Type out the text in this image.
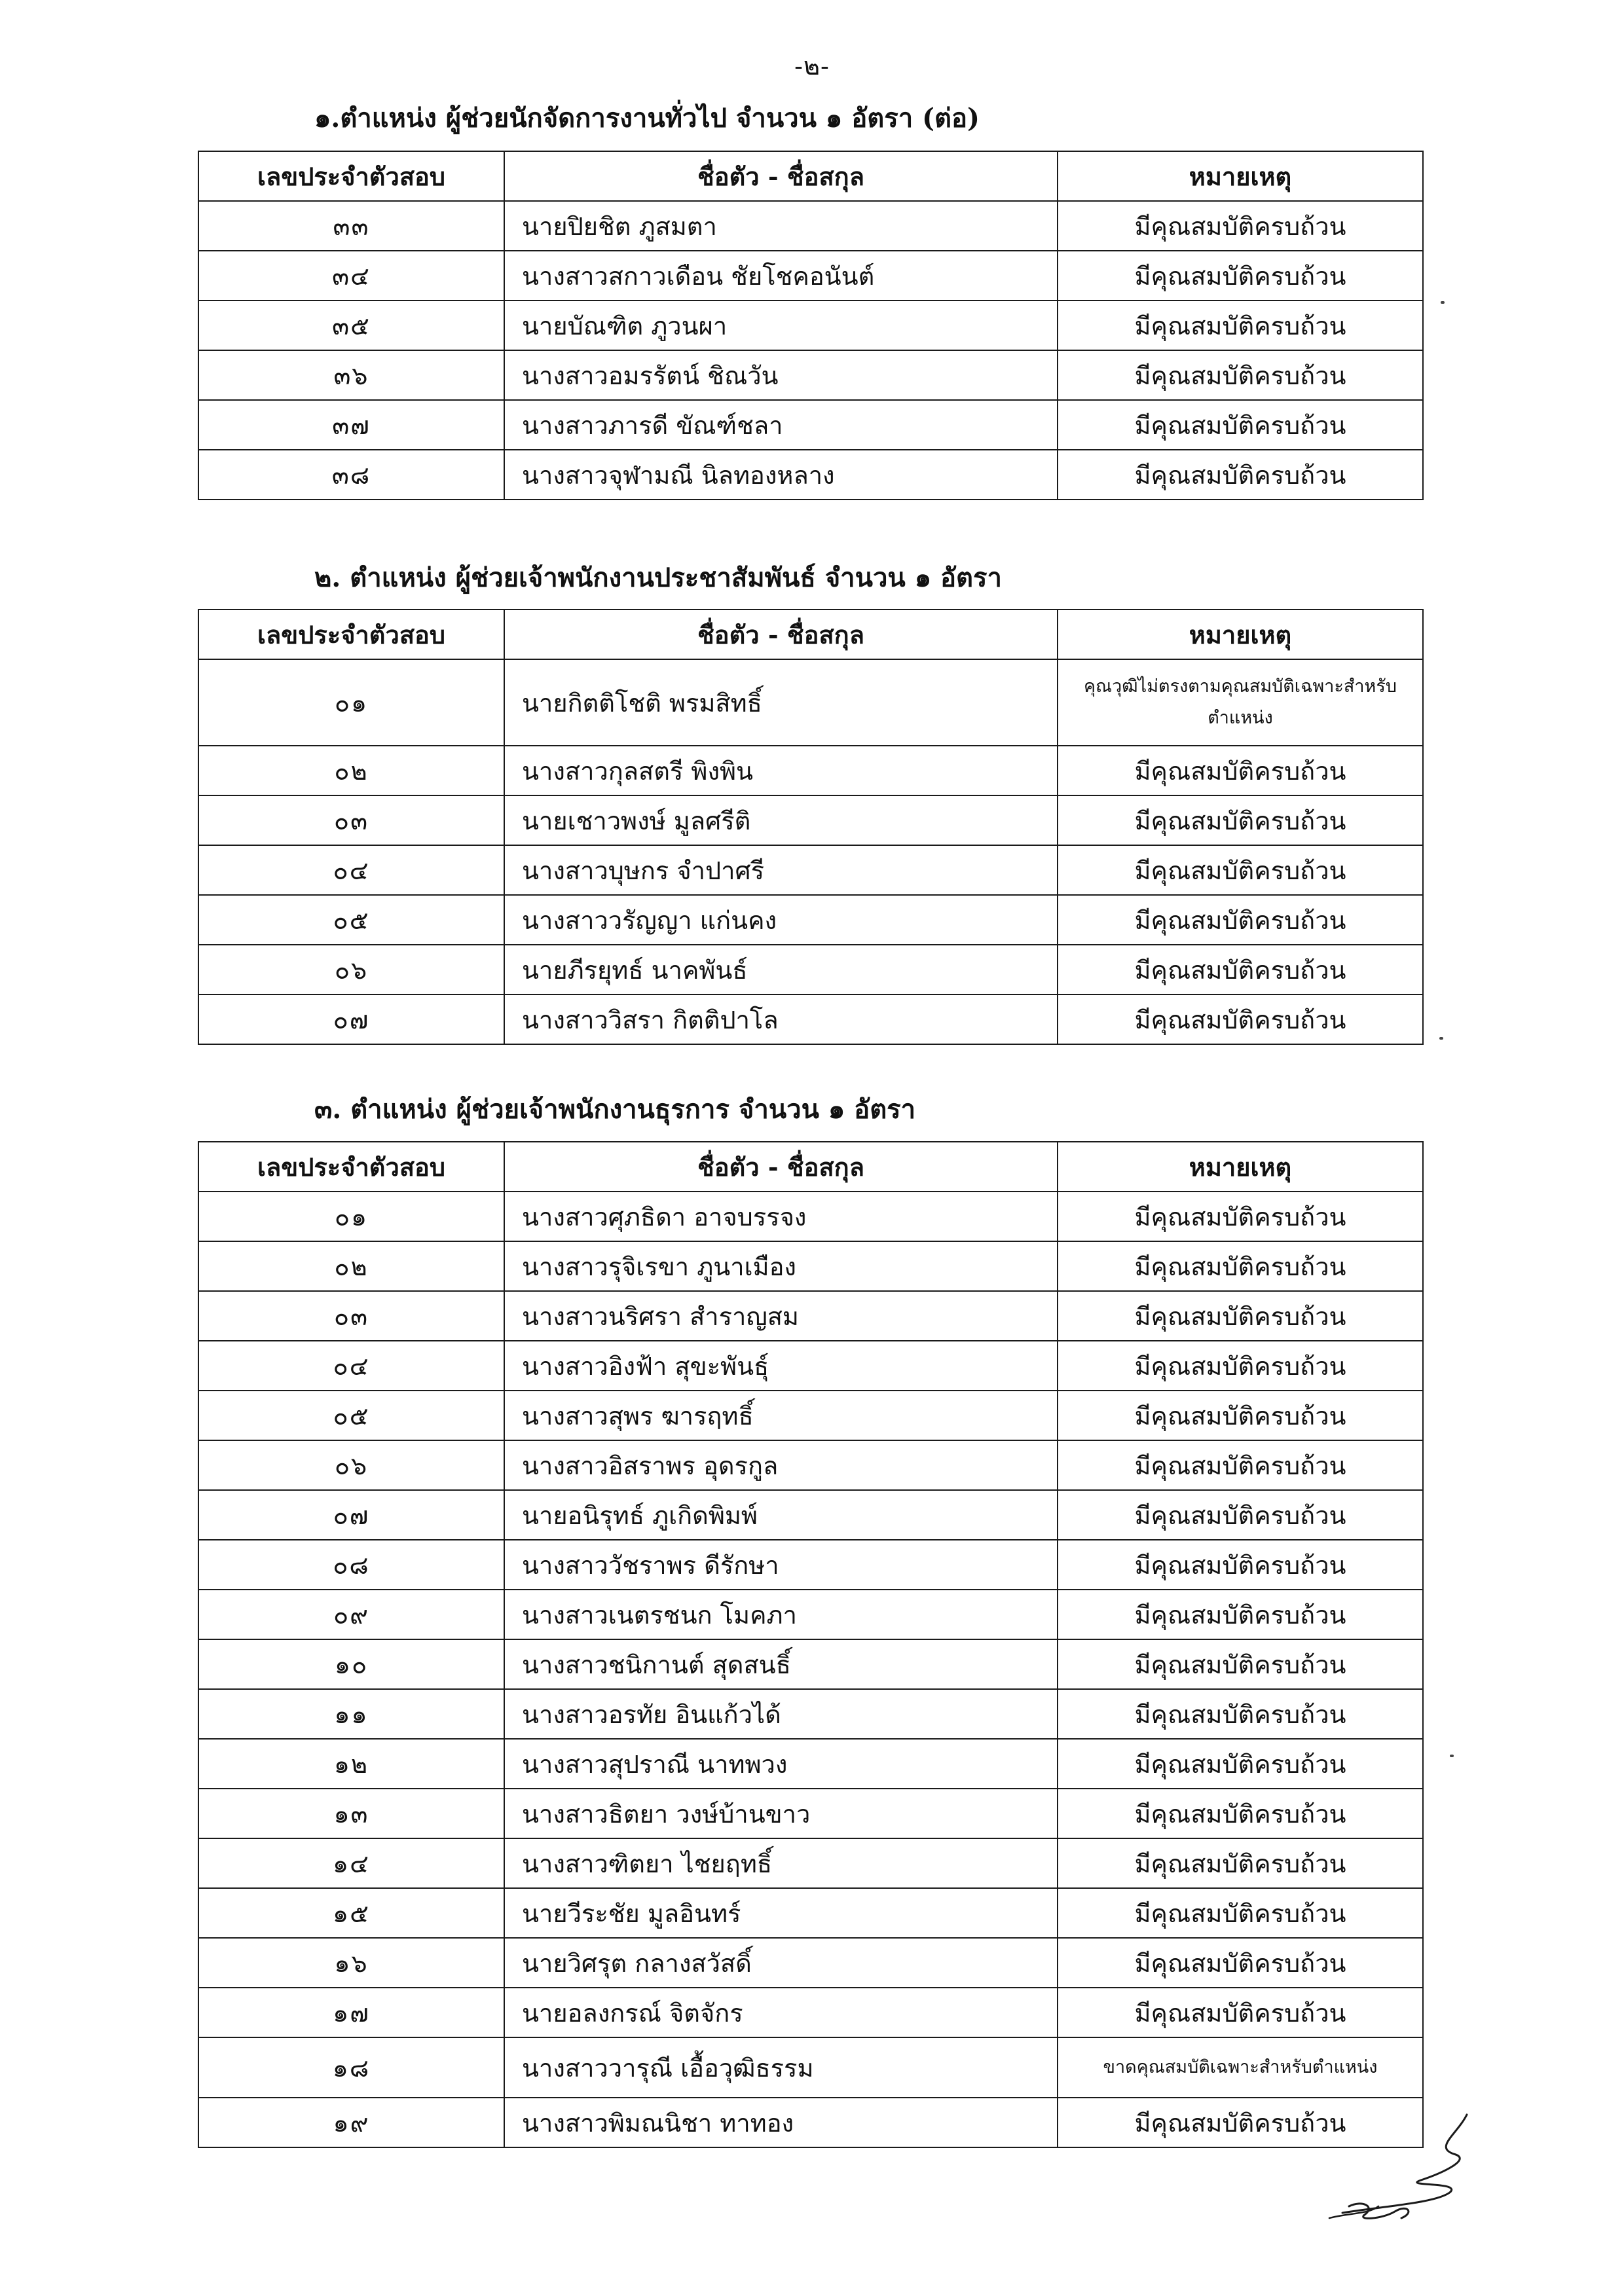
-๒-
๑.ตำแหน่ง ผู้ช่วยนักจัดการงานทั่วไป จำนวน ๑ อัตรา (ต่อ)
เลขประจำตัวสอบ	ชื่อตัว - ชื่อสกุล	หมายเหตุ
๓๓	นายปิยชิต ภูสมตา	มีคุณสมบัติครบถ้วน
๓๔	นางสาวสกาวเดือน ชัยโชคอนันต์	มีคุณสมบัติครบถ้วน
๓๕	นายบัณฑิต ภูวนผา	มีคุณสมบัติครบถ้วน
๓๖	นางสาวอมรรัตน์ ชิณวัน	มีคุณสมบัติครบถ้วน
๓๗	นางสาวภารดี ขัณฑ์ชลา	มีคุณสมบัติครบถ้วน
๓๘	นางสาวจุฬามณี นิลทองหลาง	มีคุณสมบัติครบถ้วน
๒. ตำแหน่ง ผู้ช่วยเจ้าพนักงานประชาสัมพันธ์ จำนวน ๑ อัตรา
เลขประจำตัวสอบ	ชื่อตัว - ชื่อสกุล	หมายเหตุ
๐๑	นายกิตติโชติ พรมสิทธิ์	คุณวุฒิไม่ตรงตามคุณสมบัติเฉพาะสำหรับตำแหน่ง
๐๒	นางสาวกุลสตรี พิงพิน	มีคุณสมบัติครบถ้วน
๐๓	นายเชาวพงษ์ มูลศรีติ	มีคุณสมบัติครบถ้วน
๐๔	นางสาวบุษกร จำปาศรี	มีคุณสมบัติครบถ้วน
๐๕	นางสาววรัญญา แก่นคง	มีคุณสมบัติครบถ้วน
๐๖	นายภีรยุทธ์ นาคพันธ์	มีคุณสมบัติครบถ้วน
๐๗	นางสาววิสรา กิตติปาโล	มีคุณสมบัติครบถ้วน
๓. ตำแหน่ง ผู้ช่วยเจ้าพนักงานธุรการ จำนวน ๑ อัตรา
เลขประจำตัวสอบ	ชื่อตัว - ชื่อสกุล	หมายเหตุ
๐๑	นางสาวศุภธิดา อาจบรรจง	มีคุณสมบัติครบถ้วน
๐๒	นางสาวรุจิเรขา ภูนาเมือง	มีคุณสมบัติครบถ้วน
๐๓	นางสาวนริศรา สำราญสม	มีคุณสมบัติครบถ้วน
๐๔	นางสาวอิงฟ้า สุขะพันธุ์	มีคุณสมบัติครบถ้วน
๐๕	นางสาวสุพร ฆารฤทธิ์	มีคุณสมบัติครบถ้วน
๐๖	นางสาวอิสราพร อุดรกูล	มีคุณสมบัติครบถ้วน
๐๗	นายอนิรุทธ์ ภูเกิดพิมพ์	มีคุณสมบัติครบถ้วน
๐๘	นางสาววัชราพร ดีรักษา	มีคุณสมบัติครบถ้วน
๐๙	นางสาวเนตรชนก โมคภา	มีคุณสมบัติครบถ้วน
๑๐	นางสาวชนิกานต์ สุดสนธิ์	มีคุณสมบัติครบถ้วน
๑๑	นางสาวอรทัย อินแก้วได้	มีคุณสมบัติครบถ้วน
๑๒	นางสาวสุปราณี นาทพวง	มีคุณสมบัติครบถ้วน
๑๓	นางสาวธิตยา วงษ์บ้านขาว	มีคุณสมบัติครบถ้วน
๑๔	นางสาวฑิตยา ไชยฤทธิ์	มีคุณสมบัติครบถ้วน
๑๕	นายวีระชัย มูลอินทร์	มีคุณสมบัติครบถ้วน
๑๖	นายวิศรุต กลางสวัสดิ์	มีคุณสมบัติครบถ้วน
๑๗	นายอลงกรณ์ จิตจักร	มีคุณสมบัติครบถ้วน
๑๘	นางสาววารุณี เอื้อวุฒิธรรม	ขาดคุณสมบัติเฉพาะสำหรับตำแหน่ง
๑๙	นางสาวพิมณนิชา ทาทอง	มีคุณสมบัติครบถ้วน
